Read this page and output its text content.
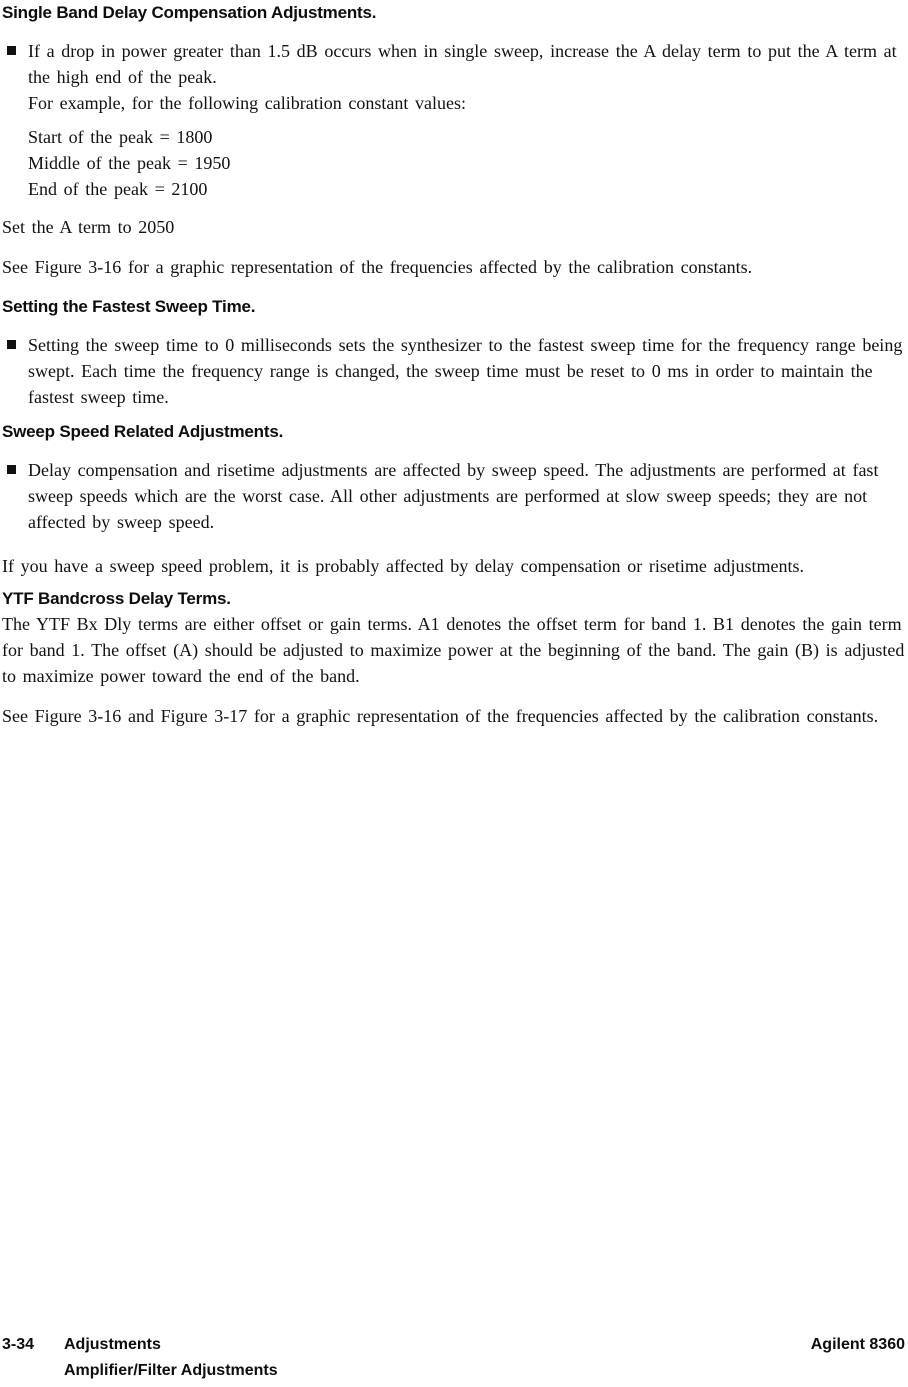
Single Band Delay Compensation Adjustments.

If a drop in power greater than 1.5 dB occurs when in single sweep, increase the A delay term to put the A term at the high end of the peak.

For example, for the following calibration constant values:

Start of the peak = 1800
Middle of the peak = 1950
End of the peak = 2100

Set the A term to 2050

See Figure 3-16 for a graphic representation of the frequencies affected by the calibration constants.

Setting the Fastest Sweep Time.

Setting the sweep time to 0 milliseconds sets the synthesizer to the fastest sweep time for the frequency range being swept. Each time the frequency range is changed, the sweep time must be reset to 0 ms in order to maintain the fastest sweep time.

Sweep Speed Related Adjustments.

Delay compensation and risetime adjustments are affected by sweep speed. The adjustments are performed at fast sweep speeds which are the worst case. All other adjustments are performed at slow sweep speeds; they are not affected by sweep speed.

If you have a sweep speed problem, it is probably affected by delay compensation or risetime adjustments.

YTF Bandcross Delay Terms.

The YTF Bx Dly terms are either offset or gain terms. A1 denotes the offset term for band 1. B1 denotes the gain term for band 1. The offset (A) should be adjusted to maximize power at the beginning of the band. The gain (B) is adjusted to maximize power toward the end of the band.

See Figure 3-16 and Figure 3-17 for a graphic representation of the frequencies affected by the calibration constants.

3-34	Adjustments	Agilent 8360
Amplifier/Filter Adjustments
